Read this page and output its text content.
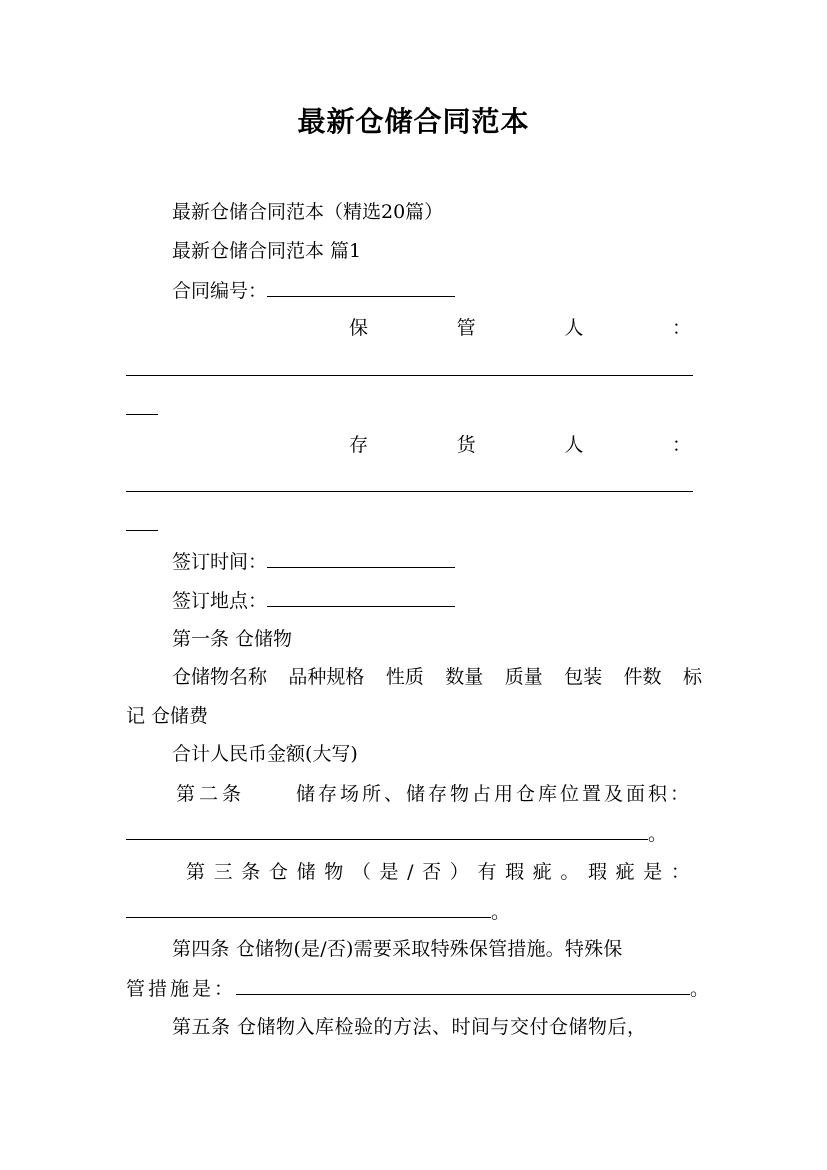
最新仓储合同范本
最新仓储合同范本（精选20篇）
最新仓储合同范本 篇1
合同编号：
保	管	人	：
存	货	人	：
签订时间：
签订地点：
第一条 仓储物
仓储物名称 品种规格 性质 数量 质量 包装 件数 标
记 仓储费
合计人民币金额(大写)
第二条	储存场所、储存物占用仓库位置及面积：
。
第 三 条 仓 储 物 （ 是 / 否 ） 有 瑕 疵 。 瑕 疵 是 ：
。
第四条 仓储物(是/否)需要采取特殊保管措施。特殊保
管措施是：	。
第五条 仓储物入库检验的方法、时间与交付仓储物后，
